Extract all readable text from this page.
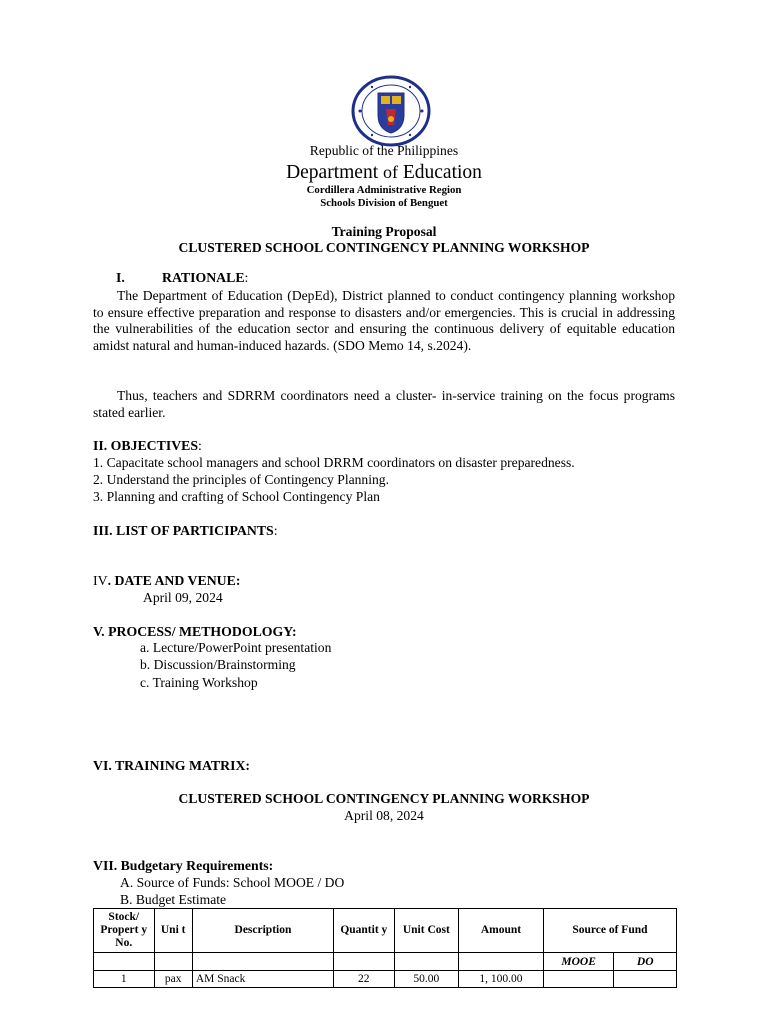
Republic of the Philippines
Department of Education
Cordillera Administrative Region
Schools Division of Benguet
Training Proposal
CLUSTERED SCHOOL CONTINGENCY PLANNING WORKSHOP
I.	RATIONALE:

The Department of Education (DepEd), District planned to conduct contingency planning workshop to ensure effective preparation and response to disasters and/or emergencies. This is crucial in addressing the vulnerabilities of the education sector and ensuring the continuous delivery of equitable education amidst natural and human-induced hazards. (SDO Memo 14, s.2024).

Thus, teachers and SDRRM coordinators need a cluster- in-service training on the focus programs stated earlier.

II. OBJECTIVES:
1. Capacitate school managers and school DRRM coordinators on disaster preparedness.
2. Understand the principles of Contingency Planning.
3. Planning and crafting of School Contingency Plan
III. LIST OF PARTICIPANTS:
IV. DATE AND VENUE:
April 09, 2024
V. PROCESS/ METHODOLOGY:
a. Lecture/PowerPoint presentation
b. Discussion/Brainstorming
c. Training Workshop
VI. TRAINING MATRIX:
CLUSTERED SCHOOL CONTINGENCY PLANNING WORKSHOP
April 08, 2024
VII. Budgetary Requirements:
A. Source of Funds: School MOOE / DO
B. Budget Estimate
Stock/ Propert y No.	Uni t	Description	Quantit y	Unit Cost	Amount	Source of Fund	
						MOOE	DO
1	pax	AM Snack	22	50.00	1, 100.00		
